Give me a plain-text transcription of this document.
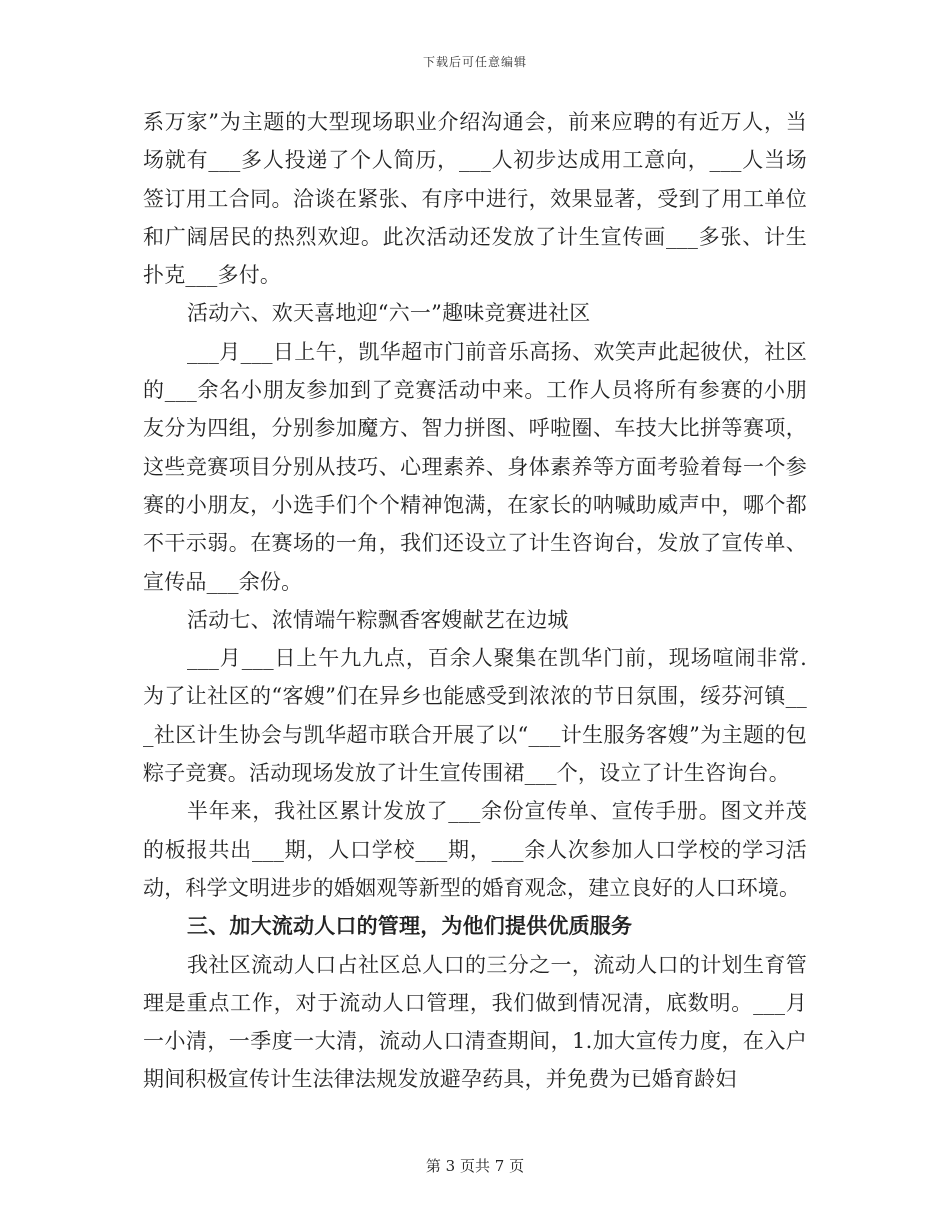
下载后可任意编辑

系万家”为主题的大型现场职业介绍沟通会，前来应聘的有近万人，当场就有___多人投递了个人简历，___人初步达成用工意向，___人当场签订用工合同。洽谈在紧张、有序中进行，效果显著，受到了用工单位和广阔居民的热烈欢迎。此次活动还发放了计生宣传画___多张、计生扑克___多付。

活动六、欢天喜地迎“六一”趣味竞赛进社区

___月___日上午，凯华超市门前音乐高扬、欢笑声此起彼伏，社区的___余名小朋友参加到了竞赛活动中来。工作人员将所有参赛的小朋友分为四组，分别参加魔方、智力拼图、呼啦圈、车技大比拼等赛项，这些竞赛项目分别从技巧、心理素养、身体素养等方面考验着每一个参赛的小朋友，小选手们个个精神饱满，在家长的呐喊助威声中，哪个都不干示弱。在赛场的一角，我们还设立了计生咨询台，发放了宣传单、宣传品___余份。

活动七、浓情端午粽飘香客嫂献艺在边城

___月___日上午九九点，百余人聚集在凯华门前，现场喧闹非常.为了让社区的“客嫂”们在异乡也能感受到浓浓的节日氛围，绥芬河镇___社区计生协会与凯华超市联合开展了以“___计生服务客嫂”为主题的包粽子竞赛。活动现场发放了计生宣传围裙___个，设立了计生咨询台。

半年来，我社区累计发放了___余份宣传单、宣传手册。图文并茂的板报共出___期，人口学校___期，___余人次参加人口学校的学习活动，科学文明进步的婚姻观等新型的婚育观念，建立良好的人口环境。

三、加大流动人口的管理，为他们提供优质服务

我社区流动人口占社区总人口的三分之一，流动人口的计划生育管理是重点工作，对于流动人口管理，我们做到情况清，底数明。___月一小清，一季度一大清，流动人口清查期间，1.加大宣传力度，在入户期间积极宣传计生法律法规发放避孕药具，并免费为已婚育龄妇

第 3 页共 7 页
